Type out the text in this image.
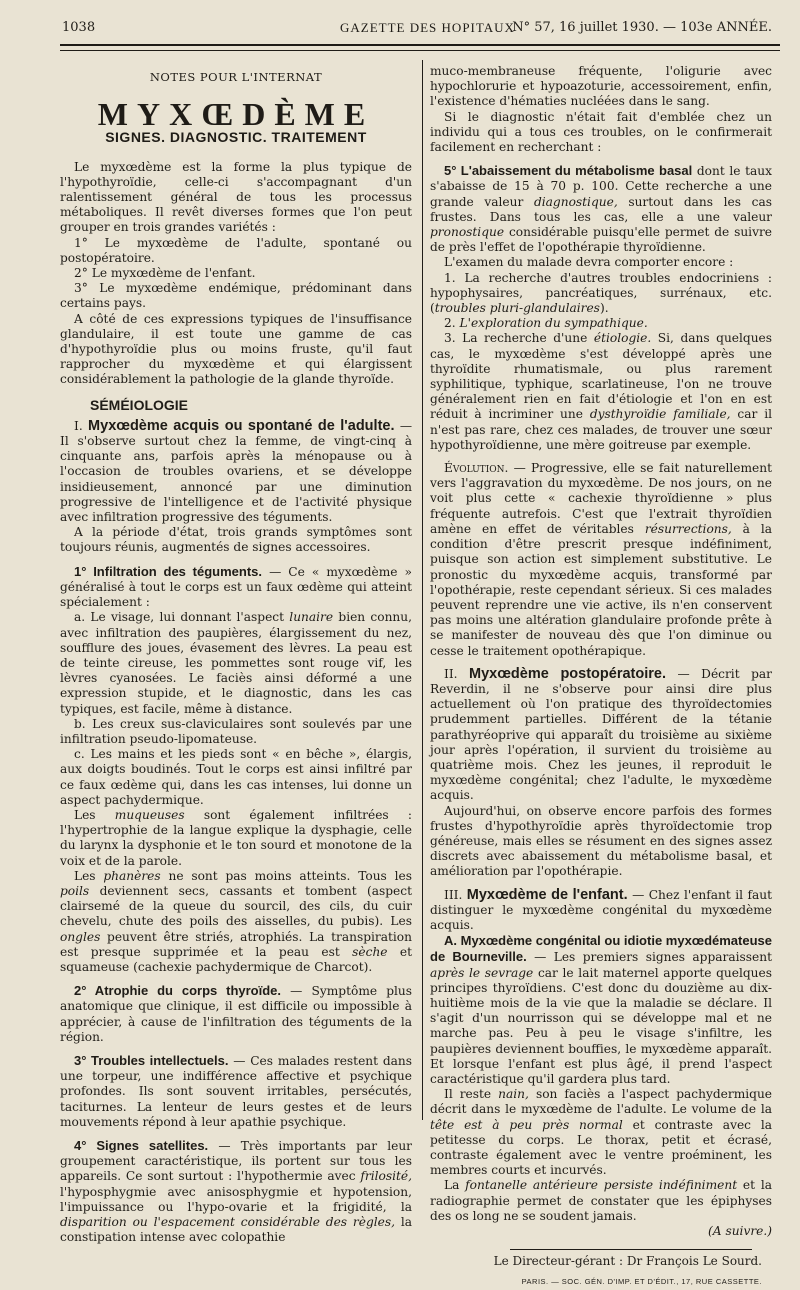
1038	GAZETTE DES HOPITAUX
N° 57, 16 juillet 1930. — 103e ANNÉE.
NOTES POUR L'INTERNAT
MYXŒDÈME
SIGNES. DIAGNOSTIC. TRAITEMENT

Le myxœdème est la forme la plus typique de l'hypothyroïdie, celle-ci s'accompagnant d'un ralentissement général de tous les processus métaboliques. Il revêt diverses formes que l'on peut grouper en trois grandes variétés :

1° Le myxœdème de l'adulte, spontané ou postopératoire.

2° Le myxœdème de l'enfant.

3° Le myxœdème endémique, prédominant dans certains pays.

A côté de ces expressions typiques de l'insuffisance glandulaire, il est toute une gamme de cas d'hypothyroïdie plus ou moins fruste, qu'il faut rapprocher du myxœdème et qui élargissent considérablement la pathologie de la glande thyroïde.

SÉMÉIOLOGIE

I. Myxœdème acquis ou spontané de l'adulte. — Il s'observe surtout chez la femme, de vingt-cinq à cinquante ans, parfois après la ménopause ou à l'occasion de troubles ovariens, et se développe insidieusement, annoncé par une diminution progressive de l'intelligence et de l'activité physique avec infiltration progressive des téguments.

A la période d'état, trois grands symptômes sont toujours réunis, augmentés de signes accessoires.

1° Infiltration des téguments. — Ce « myxœdème » généralisé à tout le corps est un faux œdème qui atteint spécialement :

a. Le visage, lui donnant l'aspect lunaire bien connu, avec infiltration des paupières, élargissement du nez, soufflure des joues, évasement des lèvres. La peau est de teinte cireuse, les pommettes sont rouge vif, les lèvres cyanosées. Le faciès ainsi déformé a une expression stupide, et le diagnostic, dans les cas typiques, est facile, même à distance.

b. Les creux sus-claviculaires sont soulevés par une infiltration pseudo-lipomateuse.

c. Les mains et les pieds sont « en bêche », élargis, aux doigts boudinés. Tout le corps est ainsi infiltré par ce faux œdème qui, dans les cas intenses, lui donne un aspect pachydermique.

Les muqueuses sont également infiltrées : l'hypertrophie de la langue explique la dysphagie, celle du larynx la dysphonie et le ton sourd et monotone de la voix et de la parole.

Les phanères ne sont pas moins atteints. Tous les poils deviennent secs, cassants et tombent (aspect clairsemé de la queue du sourcil, des cils, du cuir chevelu, chute des poils des aisselles, du pubis). Les ongles peuvent être striés, atrophiés. La transpiration est presque supprimée et la peau est sèche et squameuse (cachexie pachydermique de Charcot).

2° Atrophie du corps thyroïde. — Symptôme plus anatomique que clinique, il est difficile ou impossible à apprécier, à cause de l'infiltration des téguments de la région.

3° Troubles intellectuels. — Ces malades restent dans une torpeur, une indifférence affective et psychique profondes. Ils sont souvent irritables, persécutés, taciturnes. La lenteur de leurs gestes et de leurs mouvements répond à leur apathie psychique.

4° Signes satellites. — Très importants par leur groupement caractéristique, ils portent sur tous les appareils. Ce sont surtout : l'hypothermie avec frilosité, l'hyposphygmie avec anisosphygmie et hypotension, l'impuissance ou l'hypo-ovarie et la frigidité, la disparition ou l'espacement considérable des règles, la constipation intense avec colopathie

muco-membraneuse fréquente, l'oligurie avec hypochlorurie et hypoazoturie, accessoirement, enfin, l'existence d'hématies nucléées dans le sang.

Si le diagnostic n'était fait d'emblée chez un individu qui a tous ces troubles, on le confirmerait facilement en recherchant :

5° L'abaissement du métabolisme basal dont le taux s'abaisse de 15 à 70 p. 100. Cette recherche a une grande valeur diagnostique, surtout dans les cas frustes. Dans tous les cas, elle a une valeur pronostique considérable puisqu'elle permet de suivre de près l'effet de l'opothérapie thyroïdienne.

L'examen du malade devra comporter encore :

1. La recherche d'autres troubles endocriniens : hypophysaires, pancréatiques, surrénaux, etc. (troubles pluri-glandulaires).

2. L'exploration du sympathique.

3. La recherche d'une étiologie. Si, dans quelques cas, le myxœdème s'est développé après une thyroïdite rhumatismale, ou plus rarement syphilitique, typhique, scarlatineuse, l'on ne trouve généralement rien en fait d'étiologie et l'on en est réduit à incriminer une dysthyroïdie familiale, car il n'est pas rare, chez ces malades, de trouver une sœur hypothyroïdienne, une mère goitreuse par exemple.

Évolution. — Progressive, elle se fait naturellement vers l'aggravation du myxœdème. De nos jours, on ne voit plus cette « cachexie thyroïdienne » plus fréquente autrefois. C'est que l'extrait thyroïdien amène en effet de véritables résurrections, à la condition d'être prescrit presque indéfiniment, puisque son action est simplement substitutive. Le pronostic du myxœdème acquis, transformé par l'opothérapie, reste cependant sérieux. Si ces malades peuvent reprendre une vie active, ils n'en conservent pas moins une altération glandulaire profonde prête à se manifester de nouveau dès que l'on diminue ou cesse le traitement opothérapique.

II. Myxœdème postopératoire. — Décrit par Reverdin, il ne s'observe pour ainsi dire plus actuellement où l'on pratique des thyroïdectomies prudemment partielles. Différent de la tétanie parathyréoprive qui apparaît du troisième au sixième jour après l'opération, il survient du troisième au quatrième mois. Chez les jeunes, il reproduit le myxœdème congénital; chez l'adulte, le myxœdème acquis.

Aujourd'hui, on observe encore parfois des formes frustes d'hypothyroïdie après thyroïdectomie trop généreuse, mais elles se résument en des signes assez discrets avec abaissement du métabolisme basal, et amélioration par l'opothérapie.

III. Myxœdème de l'enfant. — Chez l'enfant il faut distinguer le myxœdème congénital du myxœdème acquis.

A. Myxœdème congénital ou idiotie myxœdémateuse de Bourneville. — Les premiers signes apparaissent après le sevrage car le lait maternel apporte quelques principes thyroïdiens. C'est donc du douzième au dix-huitième mois de la vie que la maladie se déclare. Il s'agit d'un nourrisson qui se développe mal et ne marche pas. Peu à peu le visage s'infiltre, les paupières deviennent bouffies, le myxœdème apparaît. Et lorsque l'enfant est plus âgé, il prend l'aspect caractéristique qu'il gardera plus tard.

Il reste nain, son faciès a l'aspect pachydermique décrit dans le myxœdème de l'adulte. Le volume de la tête est à peu près normal et contraste avec la petitesse du corps. Le thorax, petit et écrasé, contraste également avec le ventre proéminent, les membres courts et incurvés.

La fontanelle antérieure persiste indéfiniment et la radiographie permet de constater que les épiphyses des os long ne se soudent jamais.

(A suivre.)
Le Directeur-gérant : Dr François Le Sourd.
PARIS. — SOC. GÉN. D'IMP. ET D'ÉDIT., 17, RUE CASSETTE.
